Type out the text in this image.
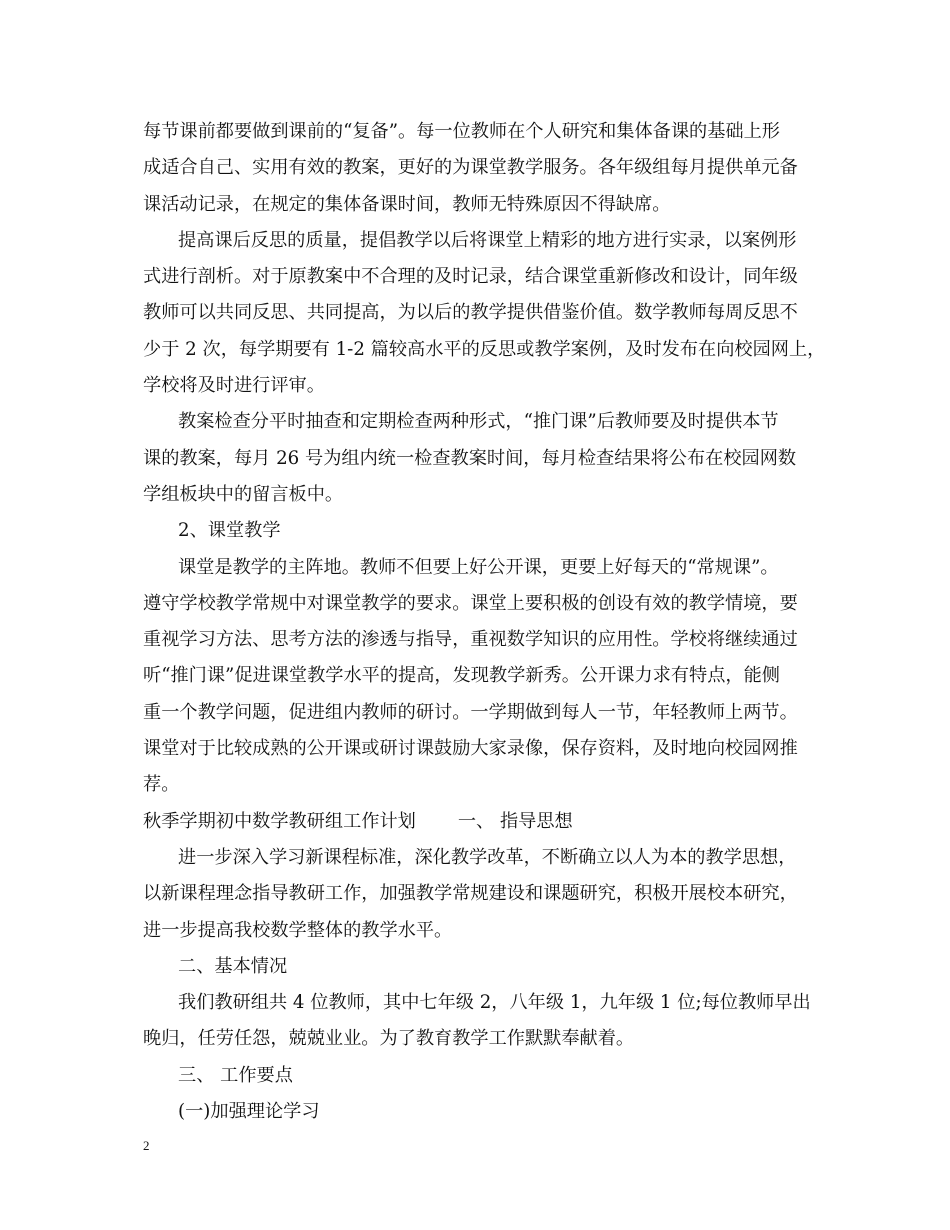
每节课前都要做到课前的“复备”。每一位教师在个人研究和集体备课的基础上形

成适合自己、实用有效的教案，更好的为课堂教学服务。各年级组每月提供单元备

课活动记录，在规定的集体备课时间，教师无特殊原因不得缺席。

提高课后反思的质量，提倡教学以后将课堂上精彩的地方进行实录，以案例形

式进行剖析。对于原教案中不合理的及时记录，结合课堂重新修改和设计，同年级

教师可以共同反思、共同提高，为以后的教学提供借鉴价值。数学教师每周反思不

少于 2 次，每学期要有 1-2 篇较高水平的反思或教学案例，及时发布在向校园网上，

学校将及时进行评审。

教案检查分平时抽查和定期检查两种形式，“推门课”后教师要及时提供本节

课的教案，每月 26 号为组内统一检查教案时间，每月检查结果将公布在校园网数

学组板块中的留言板中。

2、课堂教学

课堂是教学的主阵地。教师不但要上好公开课，更要上好每天的“常规课”。

遵守学校教学常规中对课堂教学的要求。课堂上要积极的创设有效的教学情境，要

重视学习方法、思考方法的渗透与指导，重视数学知识的应用性。学校将继续通过

听“推门课”促进课堂教学水平的提高，发现教学新秀。公开课力求有特点，能侧

重一个教学问题，促进组内教师的研讨。一学期做到每人一节，年轻教师上两节。

课堂对于比较成熟的公开课或研讨课鼓励大家录像，保存资料，及时地向校园网推

荐。

秋季学期初中数学教研组工作计划 一、 指导思想

进一步深入学习新课程标准，深化教学改革，不断确立以人为本的教学思想，

以新课程理念指导教研工作，加强教学常规建设和课题研究，积极开展校本研究，

进一步提高我校数学整体的教学水平。

二、基本情况

我们教研组共 4 位教师，其中七年级 2，八年级 1，九年级 1 位;每位教师早出

晚归，任劳任怨，兢兢业业。为了教育教学工作默默奉献着。

三、 工作要点

(一)加强理论学习

2
